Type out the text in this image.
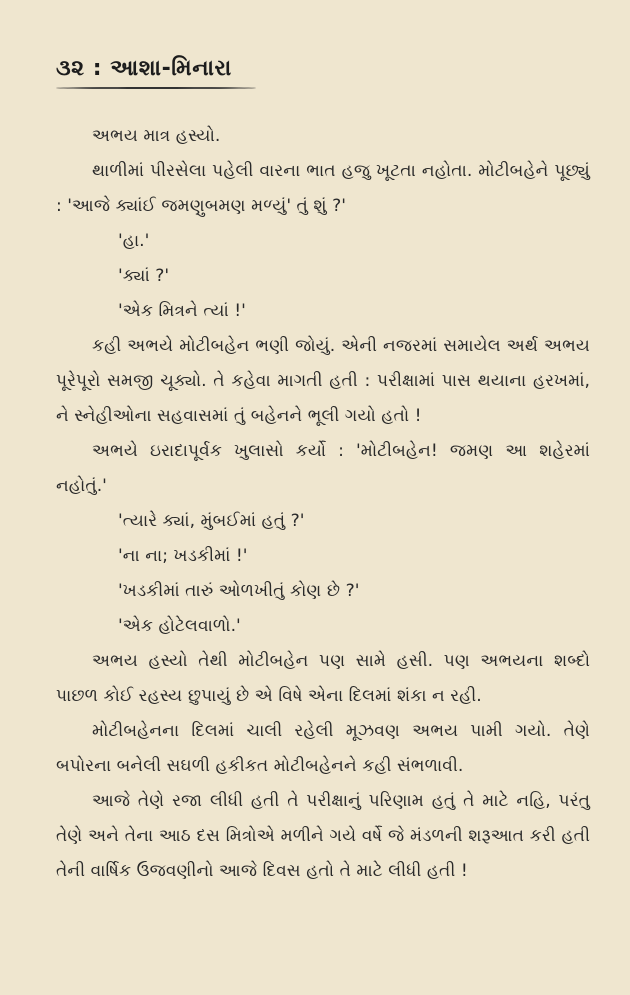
૩૨ : આશા-મિનારા

અભય માત્ર હસ્યો.

થાળીમાં પીરસેલા પહેલી વારના ભાત હજુ ખૂટતા નહોતા. મોટીબહેને પૂછ્યું : 'આજે ક્યાંઈ જમણુબમણ મળ્યું' તું શું ?'

'હા.'

'ક્યાં ?'

'એક મિત્રને ત્યાં !'

કહી અભયે મોટીબહેન ભણી જોયું. એની નજરમાં સમાયેલ અર્થ અભય પૂરેપૂરો સમજી ચૂક્યો. તે કહેવા માગતી હતી : પરીક્ષામાં પાસ થયાના હરખમાં, ને સ્નેહીઓના સહવાસમાં તું બહેનને ભૂલી ગયો હતો !

અભયે ઇરાદાપૂર્વક ખુલાસો કર્યો : 'મોટીબહેન! જમણ આ શહેરમાં નહોતું.'

'ત્યારે ક્યાં, મુંબઈમાં હતું ?'

'ના ના; ખડકીમાં !'

'ખડકીમાં તારું ઓળખીતું કોણ છે ?'

'એક હોટેલવાળો.'

અભય હસ્યો તેથી મોટીબહેન પણ સામે હસી. પણ અભયના શબ્દો પાછળ કોઈ રહસ્ય છુપાયું છે એ વિષે એના દિલમાં શંકા ન રહી.

મોટીબહેનના દિલમાં ચાલી રહેલી મૂઝવણ અભય પામી ગયો. તેણે બપોરના બનેલી સઘળી હકીકત મોટીબહેનને કહી સંભળાવી.

આજે તેણે રજા લીધી હતી તે પરીક્ષાનું પરિણામ હતું તે માટે નહિ, પરંતુ તેણે અને તેના આઠ દસ મિત્રોએ મળીને ગયે વર્ષે જે મંડળની શરૂઆત કરી હતી તેની વાર્ષિક ઉજવણીનો આજે દિવસ હતો તે માટે લીધી હતી !
